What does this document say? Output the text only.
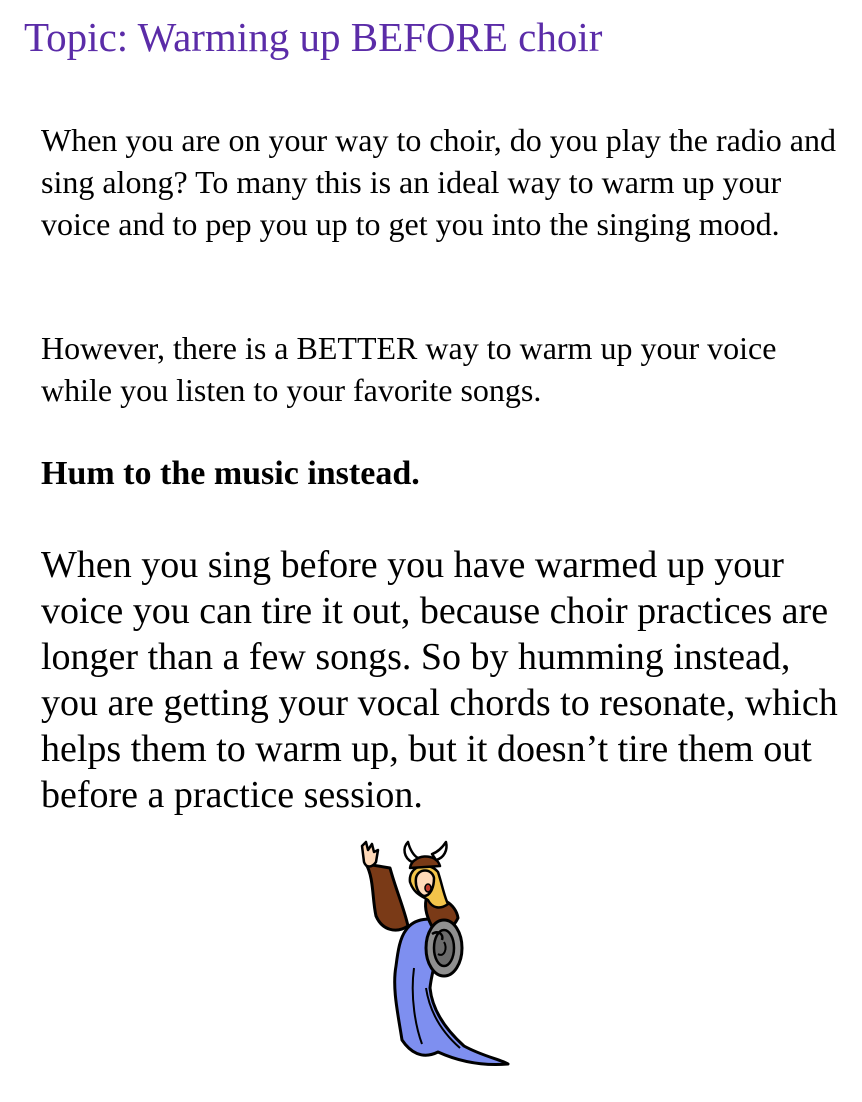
Topic: Warming up BEFORE choir

When you are on your way to choir, do you play the radio and sing along? To many this is an ideal way to warm up your voice and to pep you up to get you into the singing mood.

However, there is a BETTER way to warm up your voice while you listen to your favorite songs.

Hum to the music instead.

When you sing before you have warmed up your voice you can tire it out, because choir practices are longer than a few songs. So by humming instead, you are getting your vocal chords to resonate, which helps them to warm up, but it doesn’t tire them out before a practice session.
